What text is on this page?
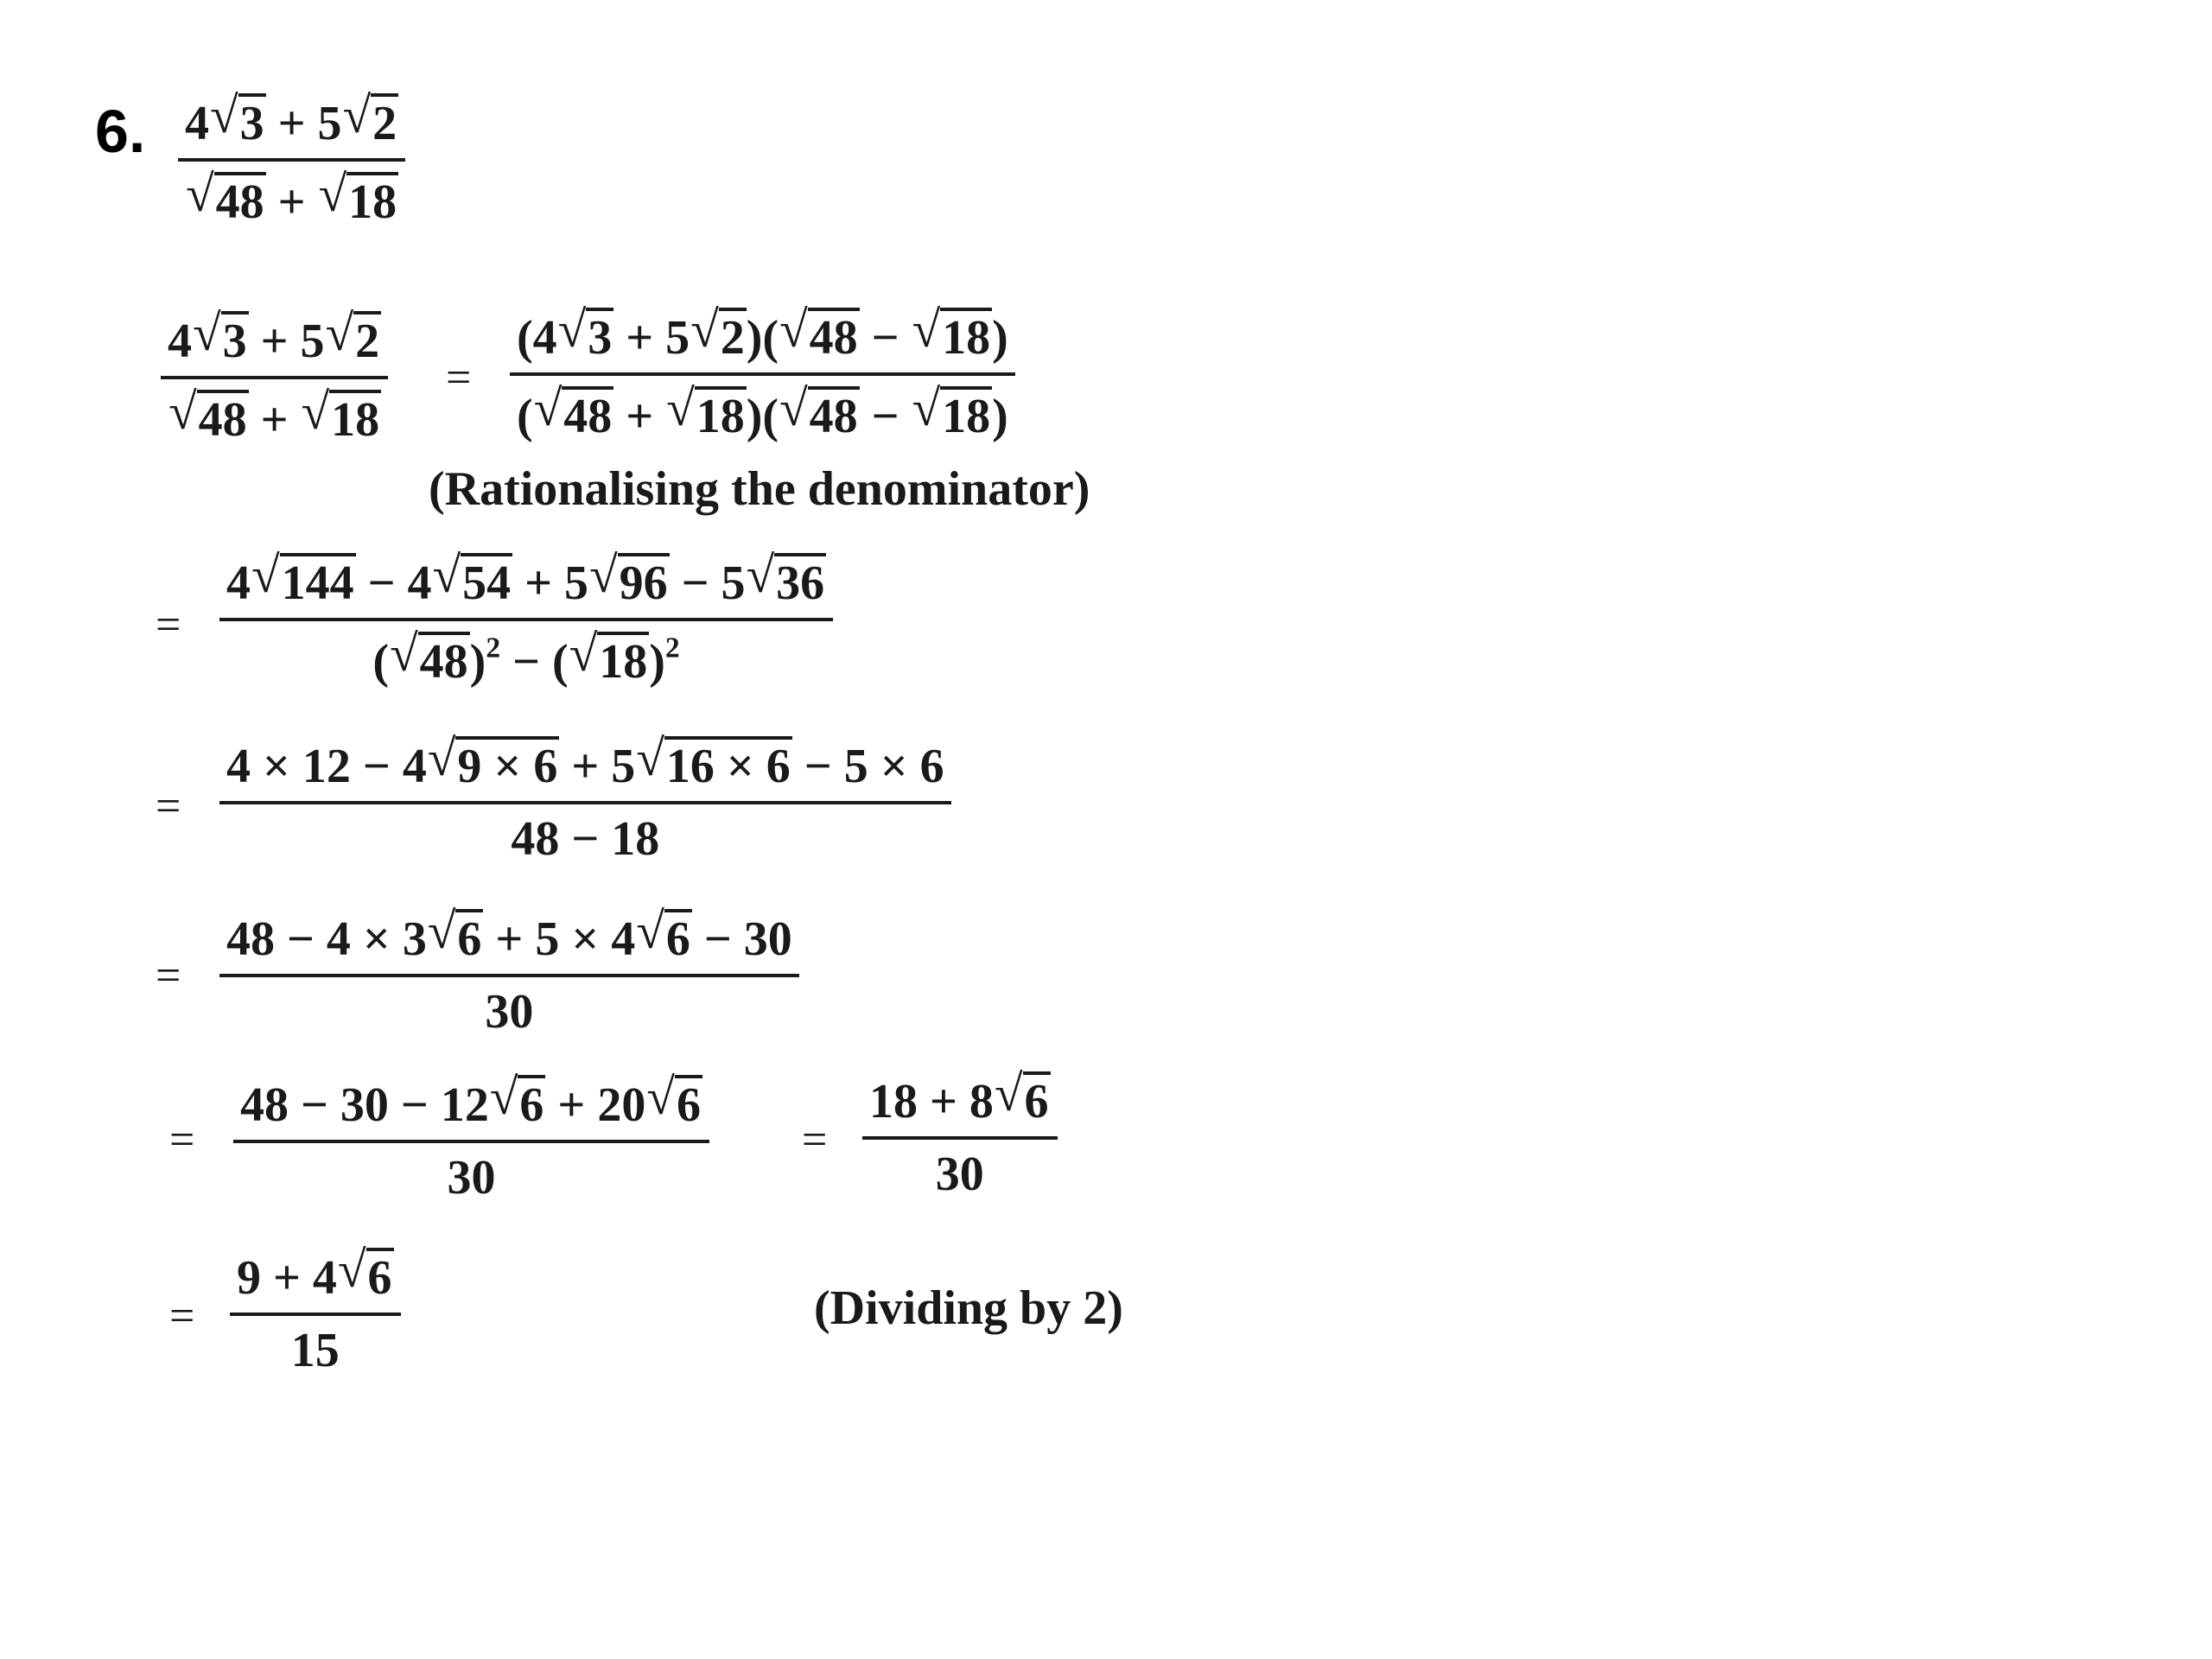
6. 4 √ 3 + 5 √ 2
√ 48 + √ 18
4 √ 3 + 5 √ 2
√ 48 + √ 18
=
(4 √ 3 + 5 √ 2)( √ 48 − √ 18)
( √ 48 + √ 18)( √ 48 − √ 18)
(Rationalising the denominator)
=
4 √ 144 − 4 √ 54 + 5 √ 96 − 5 √ 36
( √ 48)$^2$ − ( √ 18)$^2$
=
4 × 12 − 4 √ 9 × 6 + 5 √ 16 × 6 − 5 × 6
48 − 18
=
48 − 4 × 3 √ 6 + 5 × 4 √ 6 − 30
30
=
48 − 30 − 12 √ 6 + 20 √ 6
30
=
18 + 8 √ 6
30
=
9 + 4 √ 6
15
(Dividing by 2)
